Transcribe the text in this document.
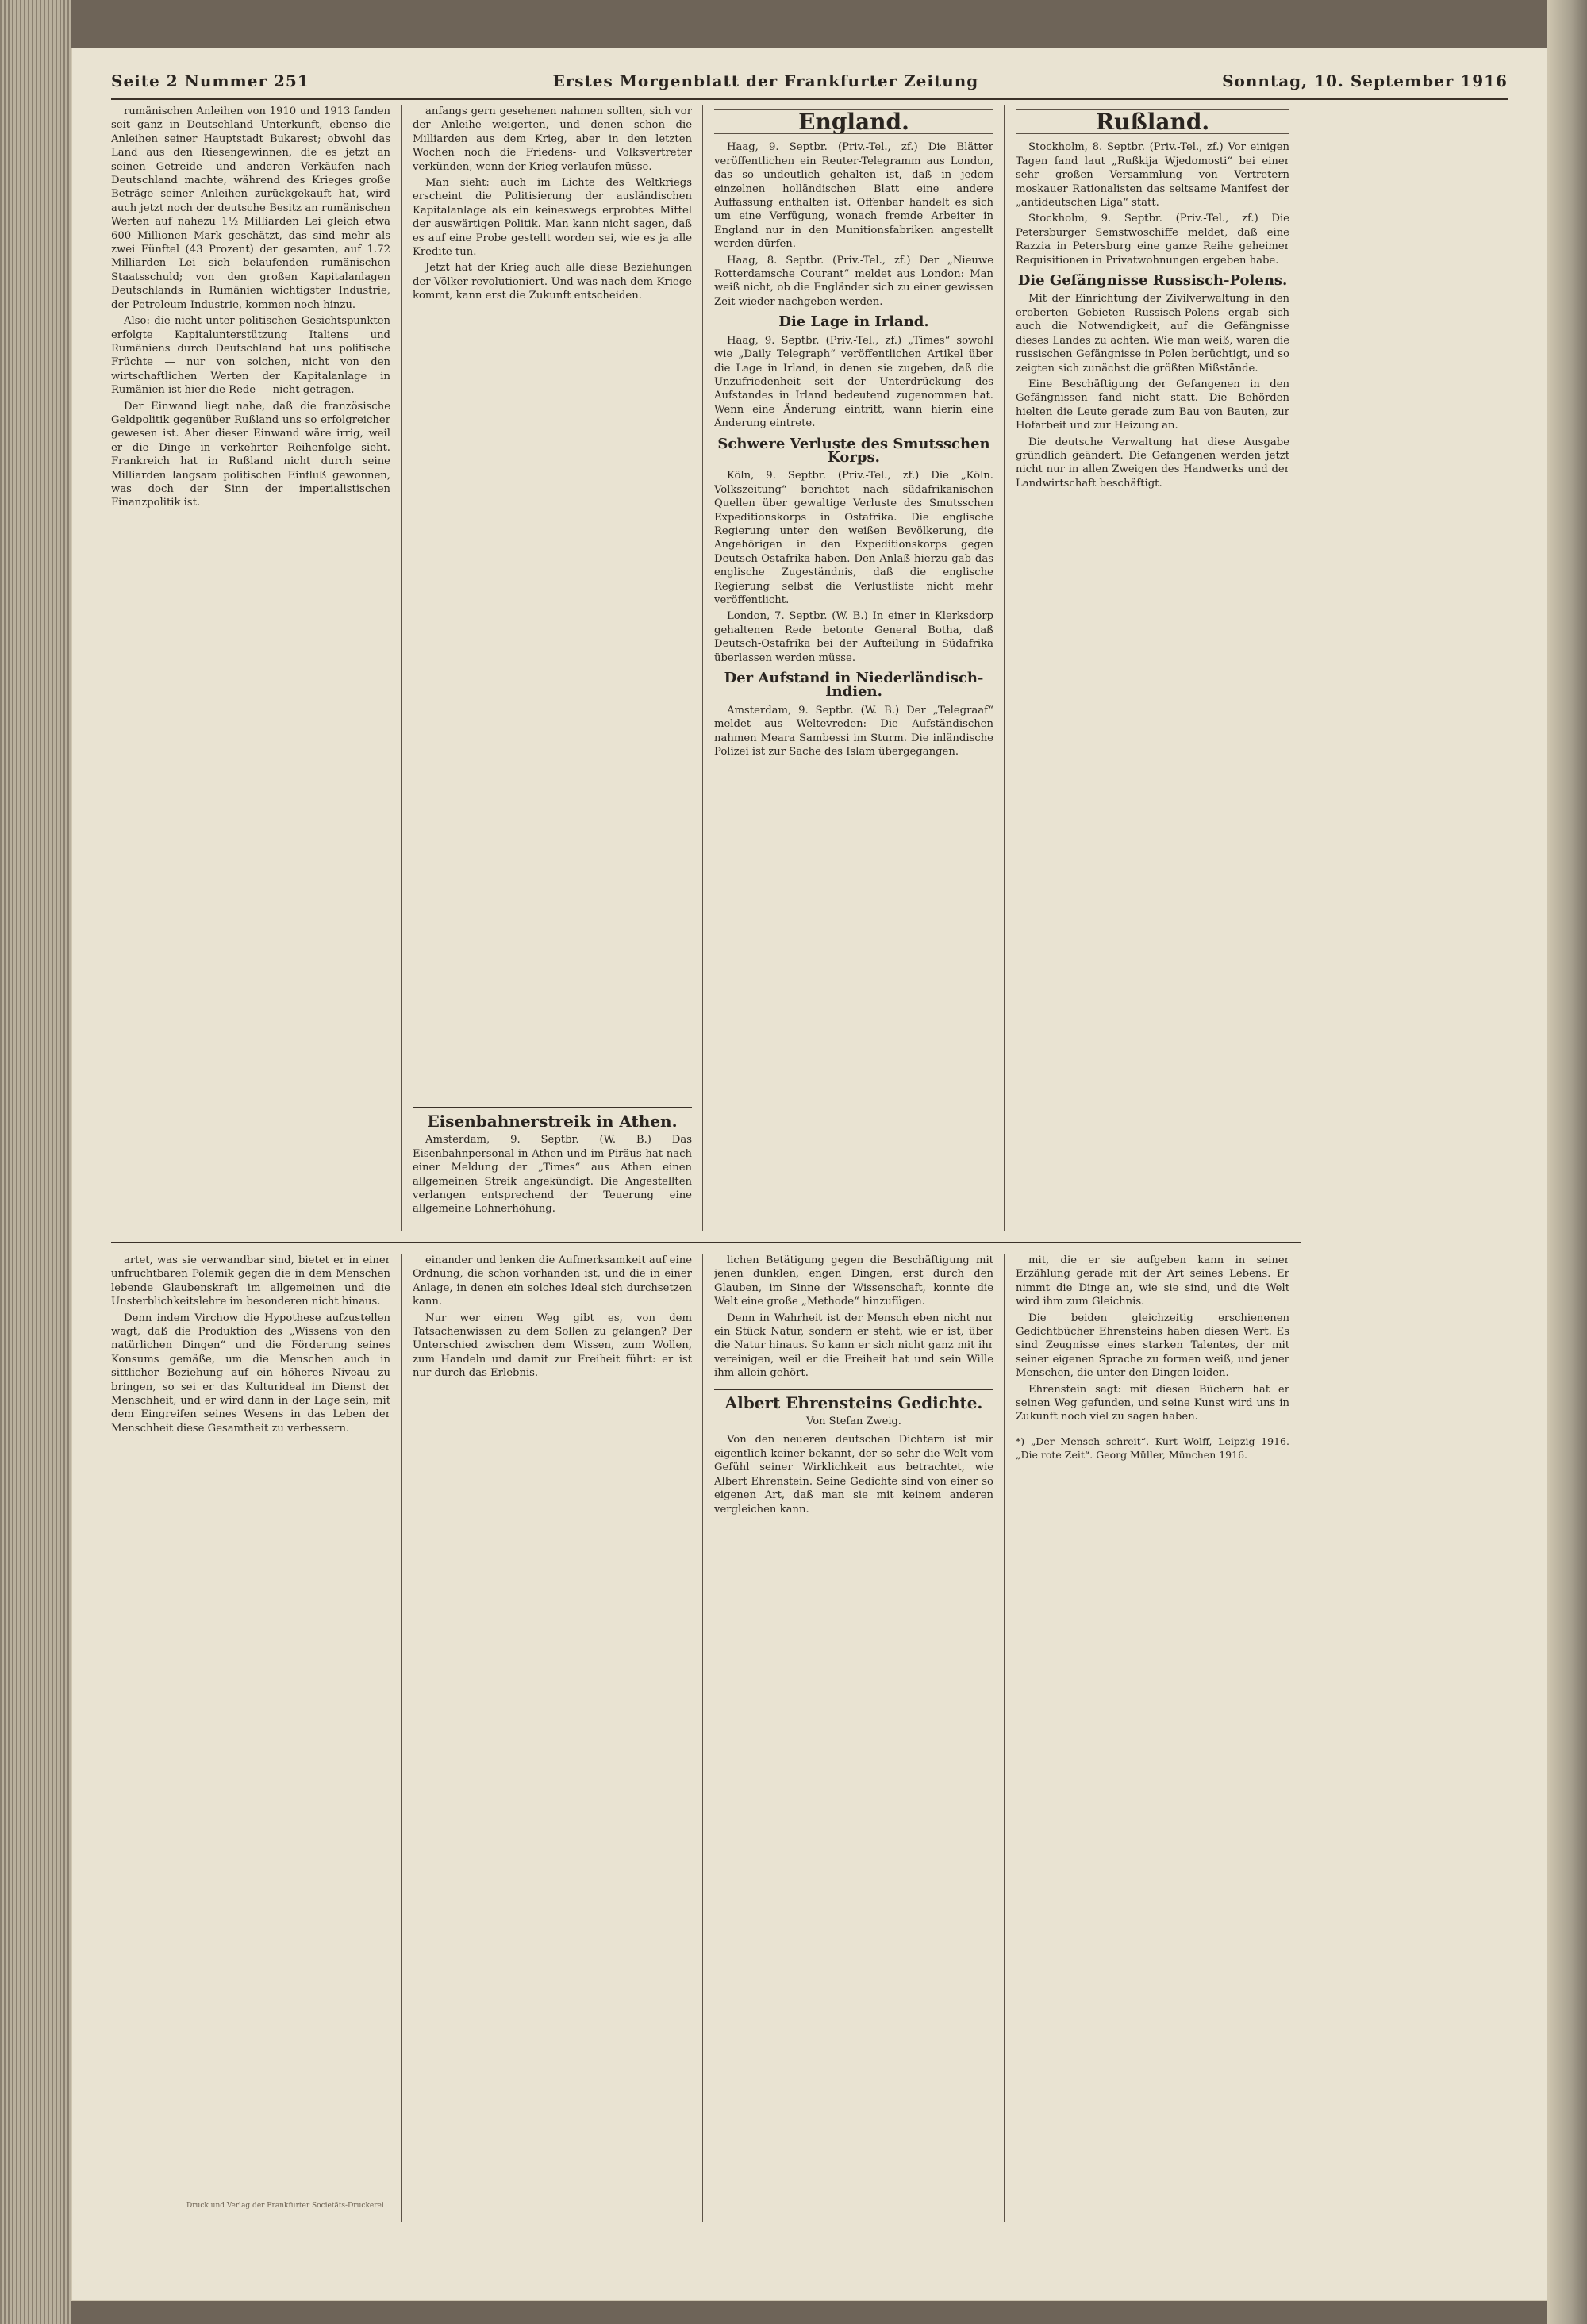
Seite 2 Nummer 251	Erstes Morgenblatt der Frankfurter Zeitung	Sonntag, 10. September 1916

rumänischen Anleihen von 1910 und 1913 fanden seit ganz in Deutschland Unterkunft, ebenso die Anleihen seiner Hauptstadt Bukarest; obwohl das Land aus den Riesengewinnen, die es jetzt an seinen Getreide- und anderen Verkäufen nach Deutschland machte, während des Krieges große Beträge seiner Anleihen zurückgekauft hat, wird auch jetzt noch der deutsche Besitz an rumänischen Werten auf nahezu 1½ Milliarden Lei gleich etwa 600 Millionen Mark geschätzt, das sind mehr als zwei Fünftel (43 Prozent) der gesamten, auf 1.72 Milliarden Lei sich belaufenden rumänischen Staatsschuld; von den großen Kapitalanlagen Deutschlands in Rumänien wichtigster Industrie, der Petroleum-Industrie, kommen noch hinzu.

Also: die nicht unter politischen Gesichtspunkten erfolgte Kapitalunterstützung Italiens und Rumäniens durch Deutschland hat uns politische Früchte — nur von solchen, nicht von den wirtschaftlichen Werten der Kapitalanlage in Rumänien ist hier die Rede — nicht getragen.

Der Einwand liegt nahe, daß die französische Geldpolitik gegenüber Rußland uns so erfolgreicher gewesen ist. Aber dieser Einwand wäre irrig, weil er die Dinge in verkehrter Reihenfolge sieht. Frankreich hat in Rußland nicht durch seine Milliarden langsam politischen Einfluß gewonnen, was doch der Sinn der imperialistischen Finanzpolitik ist.

anfangs gern gesehenen nahmen sollten, sich vor der Anleihe weigerten, und denen schon die Milliarden aus dem Krieg, aber in den letzten Wochen noch die Friedens- und Volksvertreter verkünden, wenn der Krieg verlaufen müsse.

Man sieht: auch im Lichte des Weltkriegs erscheint die Politisierung der ausländischen Kapitalanlage als ein keineswegs erprobtes Mittel der auswärtigen Politik. Man kann nicht sagen, daß es auf eine Probe gestellt worden sei, wie es ja alle Kredite tun.

Jetzt hat der Krieg auch alle diese Beziehungen der Völker revolutioniert. Und was nach dem Kriege kommt, kann erst die Zukunft entscheiden.

Eisenbahnerstreik in Athen.

Amsterdam, 9. Septbr. (W. B.) Das Eisenbahnpersonal in Athen und im Piräus hat nach einer Meldung der „Times“ aus Athen einen allgemeinen Streik angekündigt. Die Angestellten verlangen entsprechend der Teuerung eine allgemeine Lohnerhöhung.

England.

Haag, 9. Septbr. (Priv.-Tel., zf.) Die Blätter veröffentlichen ein Reuter-Telegramm aus London, das so undeutlich gehalten ist, daß in jedem einzelnen holländischen Blatt eine andere Auffassung enthalten ist. Offenbar handelt es sich um eine Verfügung, wonach fremde Arbeiter in England nur in den Munitionsfabriken angestellt werden dürfen.

Haag, 8. Septbr. (Priv.-Tel., zf.) Der „Nieuwe Rotterdamsche Courant“ meldet aus London: Man weiß nicht, ob die Engländer sich zu einer gewissen Zeit wieder nachgeben werden.

Die Lage in Irland.

Haag, 9. Septbr. (Priv.-Tel., zf.) „Times“ sowohl wie „Daily Telegraph“ veröffentlichen Artikel über die Lage in Irland, in denen sie zugeben, daß die Unzufriedenheit seit der Unterdrückung des Aufstandes in Irland bedeutend zugenommen hat. Wenn eine Änderung eintritt, wann hierin eine Änderung eintrete.

Schwere Verluste des Smutsschen Korps.

Köln, 9. Septbr. (Priv.-Tel., zf.) Die „Köln. Volkszeitung“ berichtet nach südafrikanischen Quellen über gewaltige Verluste des Smutsschen Expeditionskorps in Ostafrika. Die englische Regierung unter den weißen Bevölkerung, die Angehörigen in den Expeditionskorps gegen Deutsch-Ostafrika haben. Den Anlaß hierzu gab das englische Zugeständnis, daß die englische Regierung selbst die Verlustliste nicht mehr veröffentlicht.

London, 7. Septbr. (W. B.) In einer in Klerksdorp gehaltenen Rede betonte General Botha, daß Deutsch-Ostafrika bei der Aufteilung in Südafrika überlassen werden müsse.

Der Aufstand in Niederländisch-Indien.

Amsterdam, 9. Septbr. (W. B.) Der „Telegraaf“ meldet aus Weltevreden: Die Aufständischen nahmen Meara Sambessi im Sturm. Die inländische Polizei ist zur Sache des Islam übergegangen.

Rußland.

Stockholm, 8. Septbr. (Priv.-Tel., zf.) Vor einigen Tagen fand laut „Rußkija Wjedomosti“ bei einer sehr großen Versammlung von Vertretern moskauer Rationalisten das seltsame Manifest der „antideutschen Liga“ statt.

Stockholm, 9. Septbr. (Priv.-Tel., zf.) Die Petersburger Semstwoschiffe meldet, daß eine Razzia in Petersburg eine ganze Reihe geheimer Requisitionen in Privatwohnungen ergeben habe.

Die Gefängnisse Russisch-Polens.

Mit der Einrichtung der Zivilverwaltung in den eroberten Gebieten Russisch-Polens ergab sich auch die Notwendigkeit, auf die Gefängnisse dieses Landes zu achten. Wie man weiß, waren die russischen Gefängnisse in Polen berüchtigt, und so zeigten sich zunächst die größten Mißstände.

Eine Beschäftigung der Gefangenen in den Gefängnissen fand nicht statt. Die Behörden hielten die Leute gerade zum Bau von Bauten, zur Hofarbeit und zur Heizung an.

Die deutsche Verwaltung hat diese Ausgabe gründlich geändert. Die Gefangenen werden jetzt nicht nur in allen Zweigen des Handwerks und der Landwirtschaft beschäftigt.

artet, was sie verwandbar sind, bietet er in einer unfruchtbaren Polemik gegen die in dem Menschen lebende Glaubenskraft im allgemeinen und die Unsterblichkeitslehre im besonderen nicht hinaus.

Denn indem Virchow die Hypothese aufzustellen wagt, daß die Produktion des „Wissens von den natürlichen Dingen“ und die Förderung seines Konsums gemäße, um die Menschen auch in sittlicher Beziehung auf ein höheres Niveau zu bringen, so sei er das Kulturideal im Dienst der Menschheit, und er wird dann in der Lage sein, mit dem Eingreifen seines Wesens in das Leben der Menschheit diese Gesamtheit zu verbessern.

einander und lenken die Aufmerksamkeit auf eine Ordnung, die schon vorhanden ist, und die in einer Anlage, in denen ein solches Ideal sich durchsetzen kann.

Nur wer einen Weg gibt es, von dem Tatsachenwissen zu dem Sollen zu gelangen? Der Unterschied zwischen dem Wissen, zum Wollen, zum Handeln und damit zur Freiheit führt: er ist nur durch das Erlebnis.

lichen Betätigung gegen die Beschäftigung mit jenen dunklen, engen Dingen, erst durch den Glauben, im Sinne der Wissenschaft, konnte die Welt eine große „Methode“ hinzufügen.

Denn in Wahrheit ist der Mensch eben nicht nur ein Stück Natur, sondern er steht, wie er ist, über die Natur hinaus. So kann er sich nicht ganz mit ihr vereinigen, weil er die Freiheit hat und sein Wille ihm allein gehört.

Albert Ehrensteins Gedichte.
Von Stefan Zweig.

Von den neueren deutschen Dichtern ist mir eigentlich keiner bekannt, der so sehr die Welt vom Gefühl seiner Wirklichkeit aus betrachtet, wie Albert Ehrenstein. Seine Gedichte sind von einer so eigenen Art, daß man sie mit keinem anderen vergleichen kann.

mit, die er sie aufgeben kann in seiner Erzählung gerade mit der Art seines Lebens. Er nimmt die Dinge an, wie sie sind, und die Welt wird ihm zum Gleichnis.

Die beiden gleichzeitig erschienenen Gedichtbücher Ehrensteins haben diesen Wert. Es sind Zeugnisse eines starken Talentes, der mit seiner eigenen Sprache zu formen weiß, und jener Menschen, die unter den Dingen leiden.

Ehrenstein sagt: mit diesen Büchern hat er seinen Weg gefunden, und seine Kunst wird uns in Zukunft noch viel zu sagen haben.

*) „Der Mensch schreit“. Kurt Wolff, Leipzig 1916. „Die rote Zeit“. Georg Müller, München 1916.
Druck und Verlag der Frankfurter Societäts-Druckerei
